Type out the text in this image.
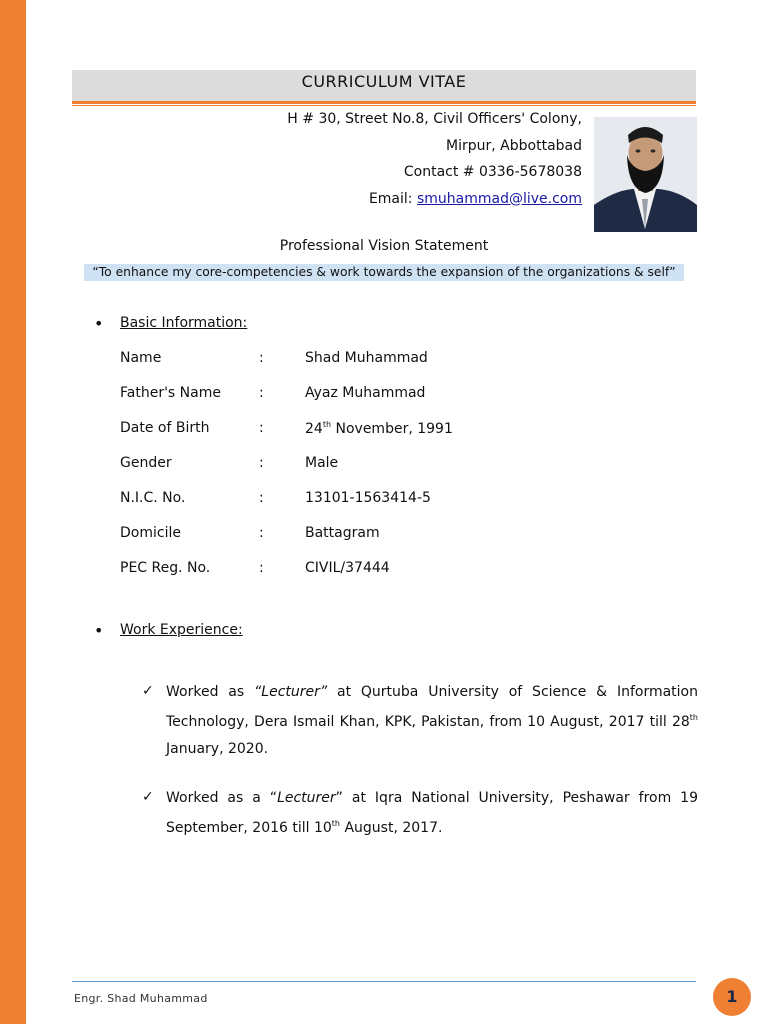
CURRICULUM VITAE
H # 30, Street No.8, Civil Officers' Colony,
Mirpur, Abbottabad
Contact # 0336-5678038
Email: smuhammad@live.com
Professional Vision Statement
“To enhance my core-competencies & work towards the expansion of the organizations & self”
• Basic Information:
Name	:	Shad Muhammad
Father's Name	:	Ayaz Muhammad
Date of Birth	:	24th November, 1991
Gender	:	Male
N.I.C. No.	:	13101-1563414-5
Domicile	:	Battagram
PEC Reg. No.	:	CIVIL/37444
• Work Experience:
✓ Worked as “Lecturer” at Qurtuba University of Science & Information Technology, Dera Ismail Khan, KPK, Pakistan, from 10 August, 2017 till 28th January, 2020.
✓ Worked as a “Lecturer” at Iqra National University, Peshawar from 19 September, 2016 till 10th August, 2017.
Engr. Shad Muhammad	1
